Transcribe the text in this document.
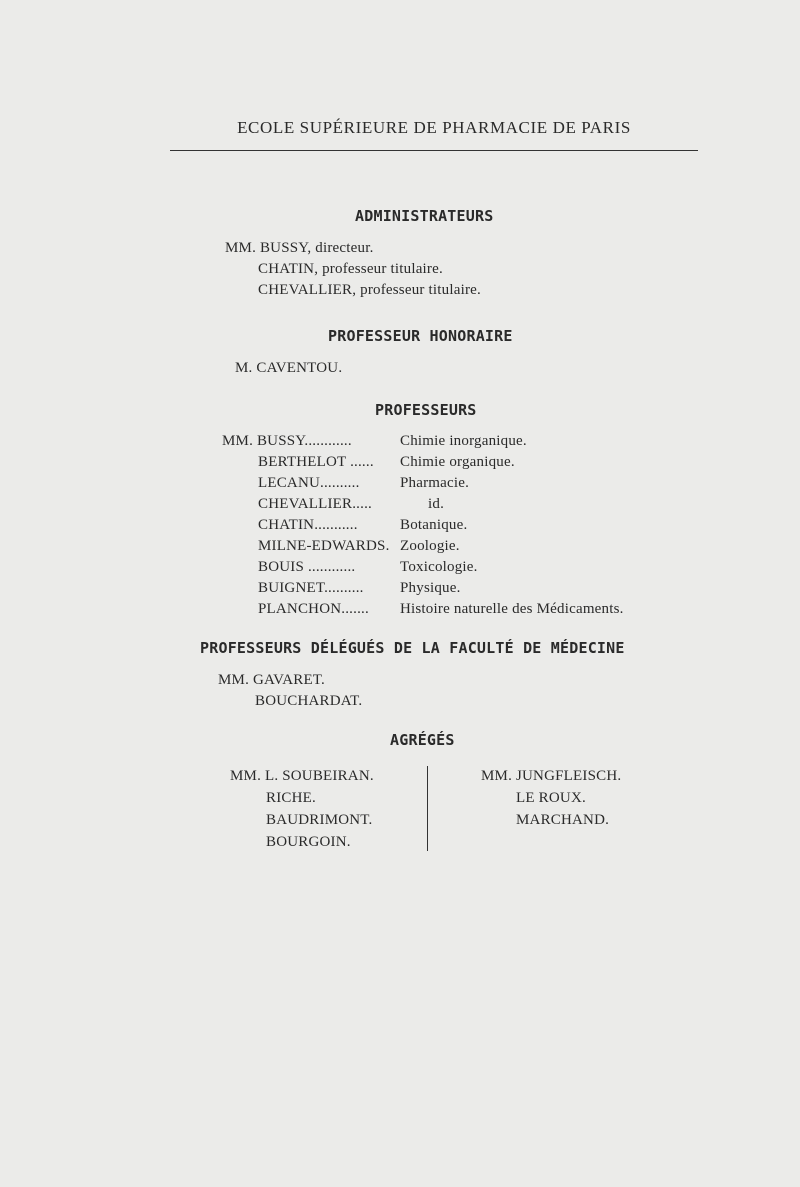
ECOLE SUPÉRIEURE DE PHARMACIE DE PARIS
ADMINISTRATEURS
MM. BUSSY, directeur.
CHATIN, professeur titulaire.
CHEVALLIER, professeur titulaire.
PROFESSEUR HONORAIRE
M. CAVENTOU.
PROFESSEURS
MM. BUSSY............	Chimie inorganique.
BERTHELOT ...... Chimie organique.
LECANU..........	Pharmacie.
CHEVALLIER.....	id.
CHATIN...........	Botanique.
MILNE-EDWARDS. Zoologie.
BOUIS ............	Toxicologie.
BUIGNET.......... Physique.
PLANCHON....... Histoire naturelle des Médicaments.
PROFESSEURS DÉLÉGUÉS DE LA FACULTÉ DE MÉDECINE
MM. GAVARET.
BOUCHARDAT.
AGRÉGÉS
MM. L. SOUBEIRAN.
RICHE.
BAUDRIMONT.
BOURGOIN.
MM. JUNGFLEISCH.
LE ROUX.
MARCHAND.
